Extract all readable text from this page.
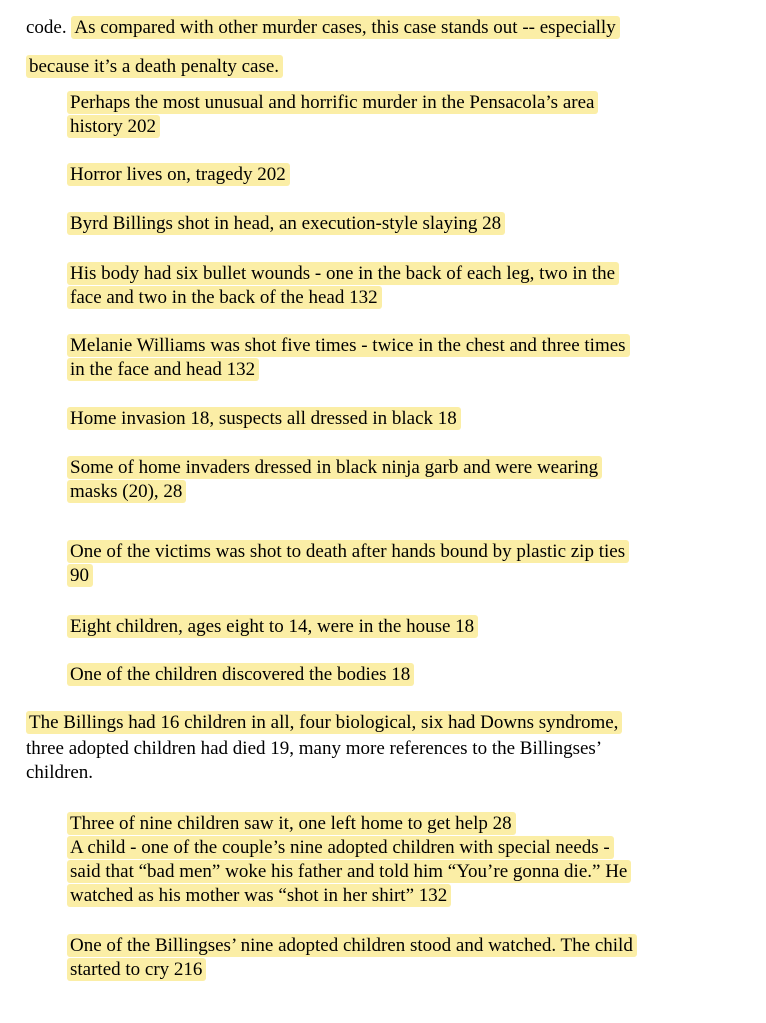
code. As compared with other murder cases, this case stands out -- especially
because it’s a death penalty case.
Perhaps the most unusual and horrific murder in the Pensacola’s area
history 202
Horror lives on, tragedy 202
Byrd Billings shot in head, an execution-style slaying 28
His body had six bullet wounds - one in the back of each leg, two in the
face and two in the back of the head 132
Melanie Williams was shot five times - twice in the chest and three times
in the face and head 132
Home invasion 18, suspects all dressed in black 18
Some of home invaders dressed in black ninja garb and were wearing
masks (20), 28
One of the victims was shot to death after hands bound by plastic zip ties
90
Eight children, ages eight to 14, were in the house 18
One of the children discovered the bodies 18
The Billings had 16 children in all, four biological, six had Downs syndrome,
three adopted children had died 19, many more references to the Billingses’
children.
Three of nine children saw it, one left home to get help 28
A child - one of the couple’s nine adopted children with special needs -
said that “bad men” woke his father and told him “You’re gonna die.” He
watched as his mother was “shot in her shirt” 132
One of the Billingses’ nine adopted children stood and watched. The child
started to cry 216
